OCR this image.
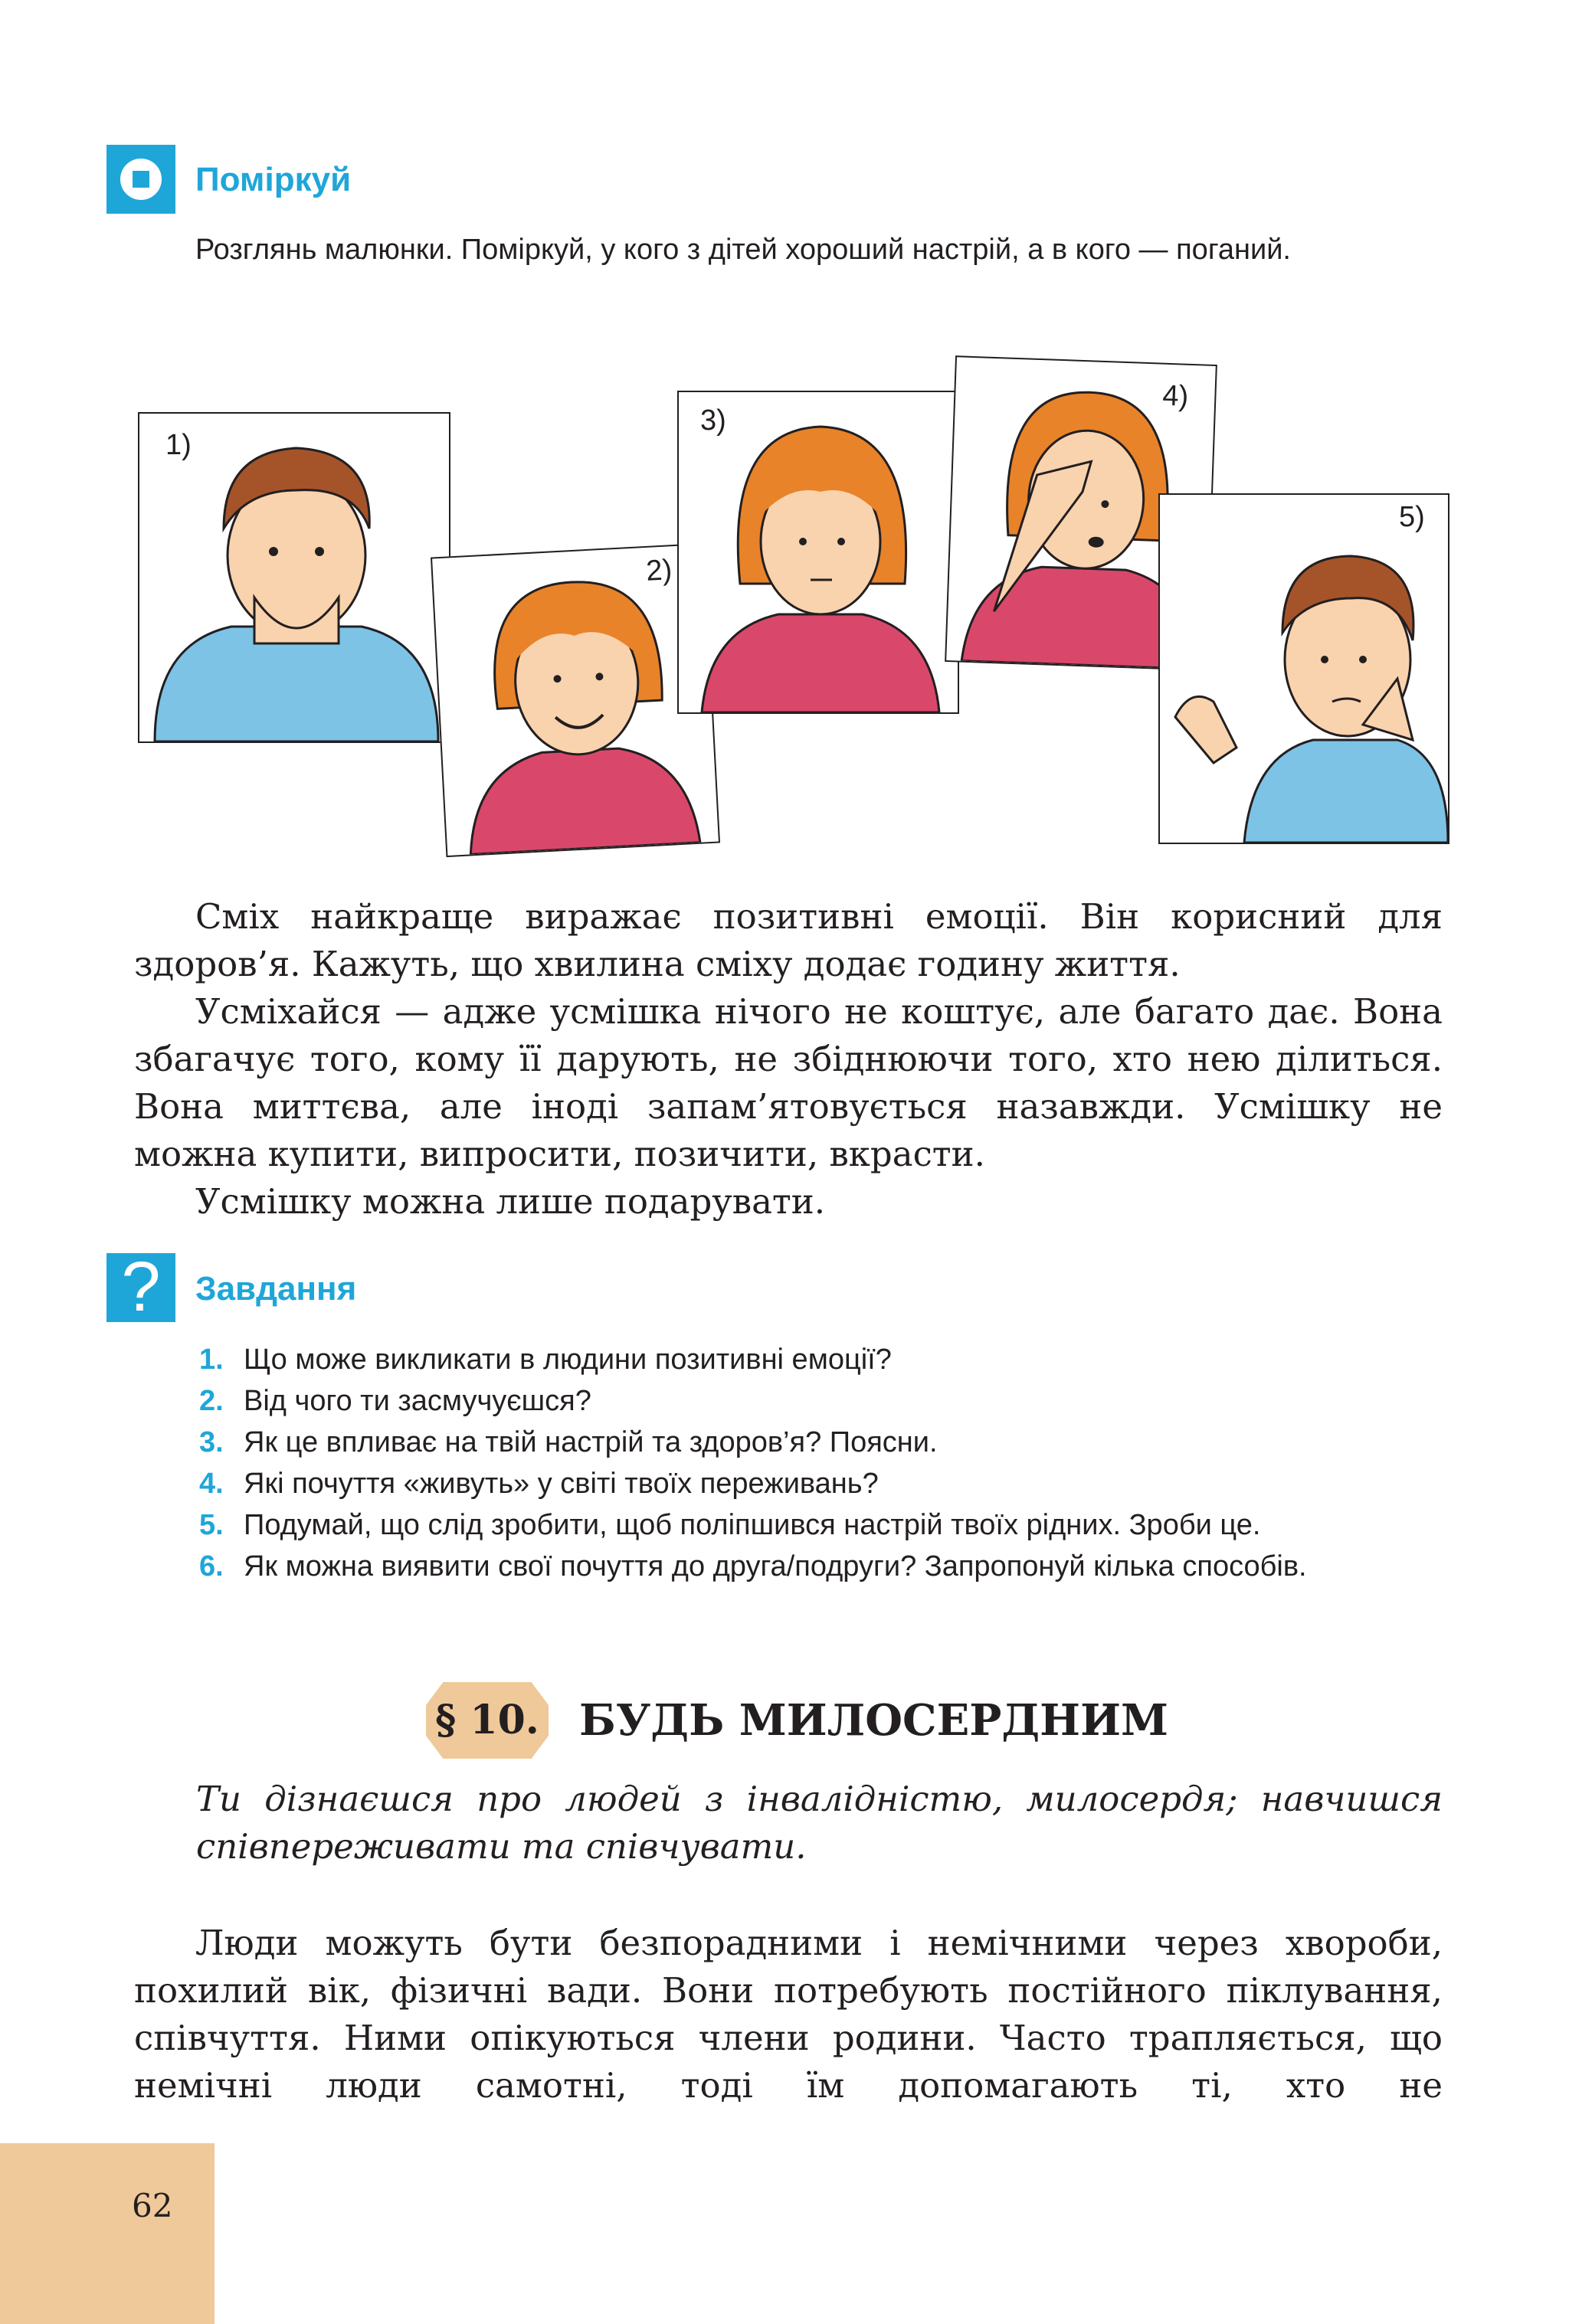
Поміркуй
Розглянь малюнки. Поміркуй, у кого з дітей хороший настрій, а в кого — поганий.
1)
2)
3)
4)
5)

Сміх найкраще виражає позитивні емоції. Він корисний для

здоров’я. Кажуть, що хвилина сміху додає годину життя.

Усміхайся — адже усмішка нічого не коштує, але багато дає. Вона збагачує того, кому її дарують, не збіднюючи того, хто нею ділиться. Вона миттєва, але іноді запам’ятовується назавжди. Усмішку не можна купити, випросити, позичити, вкрасти.

Усмішку можна лише подарувати.

?	Завдання
1. Що може викликати в людини позитивні емоції?
2. Від чого ти засмучуєшся?
3. Як це впливає на твій настрій та здоров’я? Поясни.
4. Які почуття «живуть» у світі твоїх переживань?
5. Подумай, що слід зробити, щоб поліпшився настрій твоїх рідних. Зроби це.
6. Як можна виявити свої почуття до друга/подруги? Запропонуй кілька способів.
§ 10. БУДЬ МИЛОСЕРДНИМ

Ти дізнаєшся про людей з інвалідністю, милосердя; навчишся співпереживати та співчувати.

Люди можуть бути безпорадними і немічними через хвороби, похилий вік, фізичні вади. Вони потребують постійного піклування, співчуття. Ними опікуються члени родини. Часто трапляється, що немічні люди самотні, тоді їм допомагають ті, хто не

62
